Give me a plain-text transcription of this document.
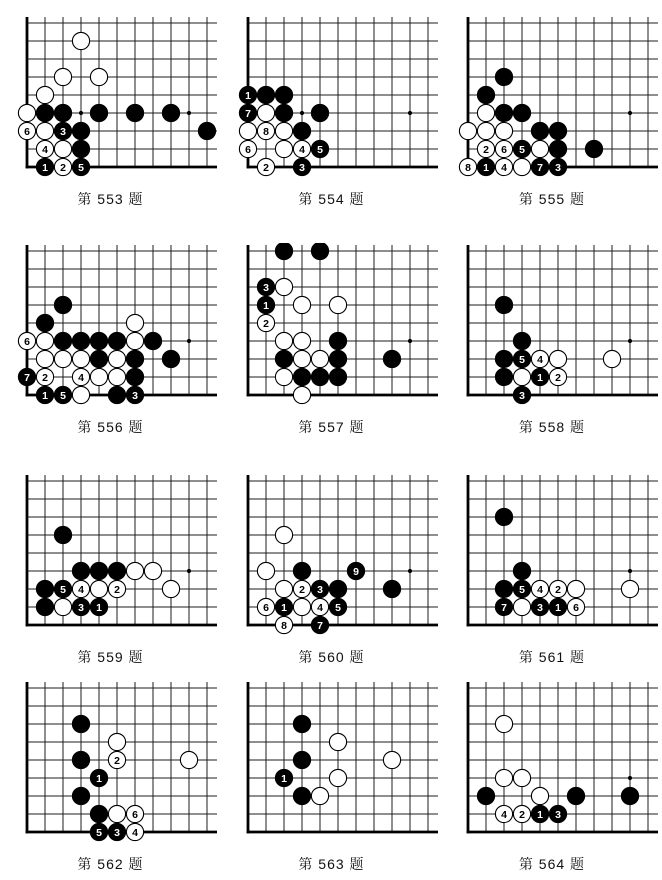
6	3
4
1 2 5
第 553 题
1
7
8
6	4 5
2	3
第 554 题
2 6 5
8 1 4	7 3
第 555 题
6
7 2	4
1 5	3
第 556 题
3
1
2
第 557 题
5 4
1 2
3
第 558 题
5 4	2
3 1
第 559 题
9
2 3
6 1	4 5
8	7
第 560 题
5 4 2
7	3 1 6
第 561 题
2
1
6
5 3 4
第 562 题
1
第 563 题
4 2 1 3
第 564 题
